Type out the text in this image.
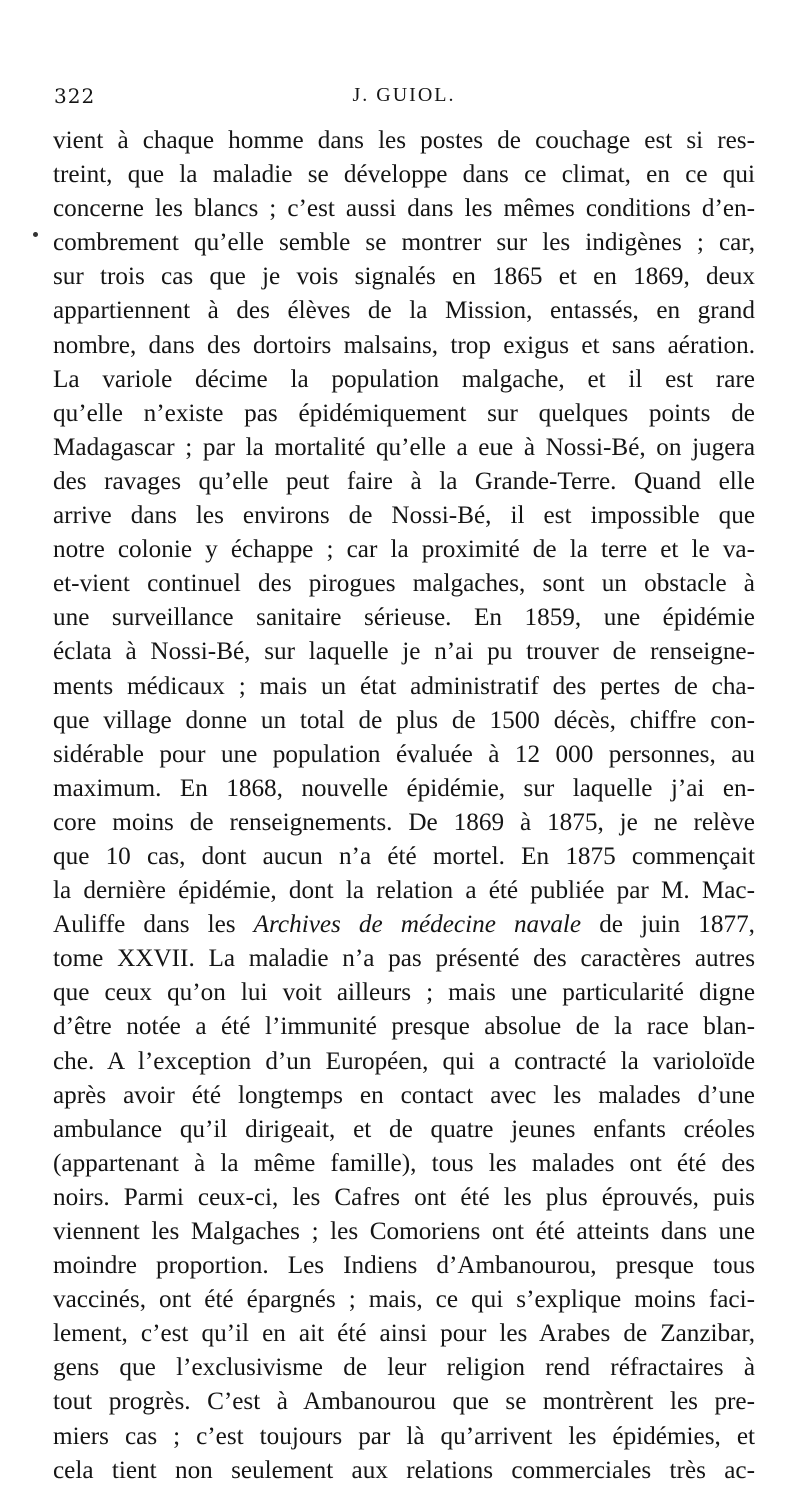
322	J. GUIOL.
vient à chaque homme dans les postes de couchage est si res-
treint, que la maladie se développe dans ce climat, en ce qui
concerne les blancs ; c’est aussi dans les mêmes conditions d’en-
combrement qu’elle semble se montrer sur les indigènes ; car,
sur trois cas que je vois signalés en 1865 et en 1869, deux
appartiennent à des élèves de la Mission, entassés, en grand
nombre, dans des dortoirs malsains, trop exigus et sans aération.
La variole décime la population malgache, et il est rare
qu’elle n’existe pas épidémiquement sur quelques points de
Madagascar ; par la mortalité qu’elle a eue à Nossi-Bé, on jugera
des ravages qu’elle peut faire à la Grande-Terre. Quand elle
arrive dans les environs de Nossi-Bé, il est impossible que
notre colonie y échappe ; car la proximité de la terre et le va-
et-vient continuel des pirogues malgaches, sont un obstacle à
une surveillance sanitaire sérieuse. En 1859, une épidémie
éclata à Nossi-Bé, sur laquelle je n’ai pu trouver de renseigne-
ments médicaux ; mais un état administratif des pertes de cha-
que village donne un total de plus de 1500 décès, chiffre con-
sidérable pour une population évaluée à 12 000 personnes, au
maximum. En 1868, nouvelle épidémie, sur laquelle j’ai en-
core moins de renseignements. De 1869 à 1875, je ne relève
que 10 cas, dont aucun n’a été mortel. En 1875 commençait
la dernière épidémie, dont la relation a été publiée par M. Mac-
Auliffe dans les Archives de médecine navale de juin 1877,
tome XXVII. La maladie n’a pas présenté des caractères autres
que ceux qu’on lui voit ailleurs ; mais une particularité digne
d’être notée a été l’immunité presque absolue de la race blan-
che. A l’exception d’un Européen, qui a contracté la varioloïde
après avoir été longtemps en contact avec les malades d’une
ambulance qu’il dirigeait, et de quatre jeunes enfants créoles
(appartenant à la même famille), tous les malades ont été des
noirs. Parmi ceux-ci, les Cafres ont été les plus éprouvés, puis
viennent les Malgaches ; les Comoriens ont été atteints dans une
moindre proportion. Les Indiens d’Ambanourou, presque tous
vaccinés, ont été épargnés ; mais, ce qui s’explique moins faci-
lement, c’est qu’il en ait été ainsi pour les Arabes de Zanzibar,
gens que l’exclusivisme de leur religion rend réfractaires à
tout progrès. C’est à Ambanourou que se montrèrent les pre-
miers cas ; c’est toujours par là qu’arrivent les épidémies, et
cela tient non seulement aux relations commerciales très ac-
